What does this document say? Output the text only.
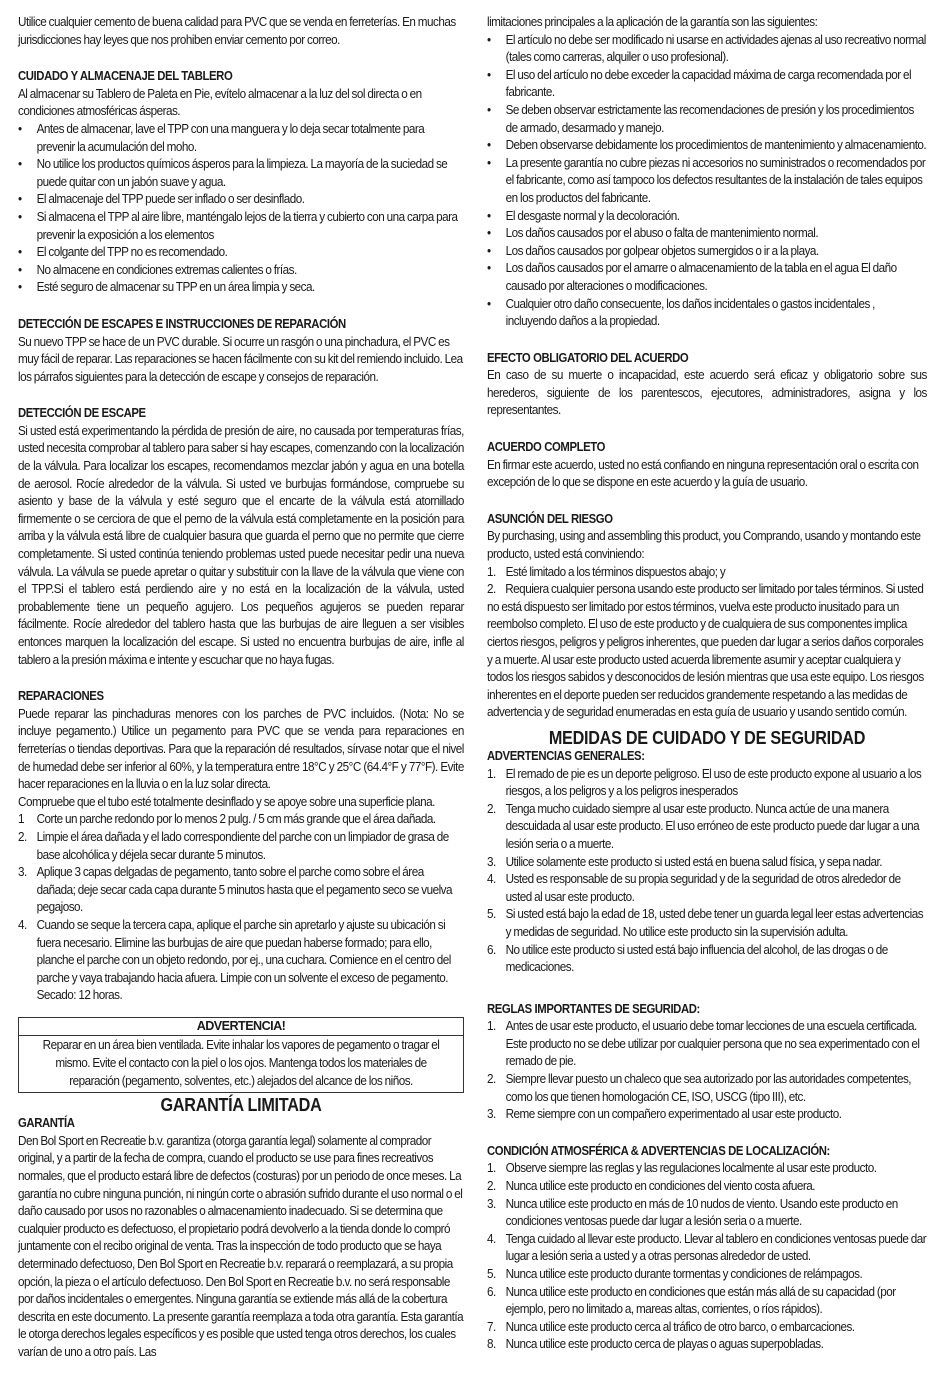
Utilice cualquier cemento de buena calidad para PVC que se venda en ferreterías. En muchas jurisdicciones hay leyes que nos prohiben enviar cemento por correo.
CUIDADO Y ALMACENAJE DEL TABLERO
Al almacenar su Tablero de Paleta en Pie, evítelo almacenar a la luz del sol directa o en condiciones atmosféricas ásperas.
• Antes de almacenar, lave el TPP con una manguera y lo deja secar totalmente para prevenir la acumulación del moho.
• No utilice los productos químicos ásperos para la limpieza. La mayoría de la suciedad se puede quitar con un jabón suave y agua.
• El almacenaje del TPP puede ser inflado o ser desinflado.
• Si almacena el TPP al aire libre, manténgalo lejos de la tierra y cubierto con una carpa para prevenir la exposición a los elementos
• El colgante del TPP no es recomendado.
• No almacene en condiciones extremas calientes o frías.
• Esté seguro de almacenar su TPP en un área limpia y seca.
DETECCIÓN DE ESCAPES E INSTRUCCIONES DE REPARACIÓN
Su nuevo TPP se hace de un PVC durable. Si ocurre un rasgón o una pinchadura, el PVC es muy fácil de reparar. Las reparaciones se hacen fácilmente con su kit del remiendo incluido. Lea los párrafos siguientes para la detección de escape y consejos de reparación.
DETECCIÓN DE ESCAPE
Si usted está experimentando la pérdida de presión de aire, no causada por temperaturas frías, usted necesita comprobar al tablero para saber si hay escapes, comenzando con la localización de la válvula. Para localizar los escapes, recomendamos mezclar jabón y agua en una botella de aerosol. Rocíe alrededor de la válvula. Si usted ve burbujas formándose, compruebe su asiento y base de la válvula y esté seguro que el encarte de la válvula está atornillado firmemente o se cerciora de que el perno de la válvula está completamente en la posición para arriba y la válvula está libre de cualquier basura que guarda el perno que no permite que cierre completamente. Si usted continúa teniendo problemas usted puede necesitar pedir una nueva válvula. La válvula se puede apretar o quitar y substituir con la llave de la válvula que viene con el TPP.Si el tablero está perdiendo aire y no está en la localización de la válvula, usted probablemente tiene un pequeño agujero. Los pequeños agujeros se pueden reparar fácilmente. Rocíe alrededor del tablero hasta que las burbujas de aire lleguen a ser visibles entonces marquen la localización del escape. Si usted no encuentra burbujas de aire, infle al tablero a la presión máxima e intente y escuchar que no haya fugas.
REPARACIONES
Puede reparar las pinchaduras menores con los parches de PVC incluidos. (Nota: No se incluye pegamento.) Utilice un pegamento para PVC que se venda para reparaciones en ferreterías o tiendas deportivas. Para que la reparación dé resultados, sírvase notar que el nivel de humedad debe ser inferior al 60%, y la temperatura entre 18°C y 25°C (64.4°F y 77°F). Evite hacer reparaciones en la lluvia o en la luz solar directa.
Compruebe que el tubo esté totalmente desinflado y se apoye sobre una superficie plana.
1 Corte un parche redondo por lo menos 2 pulg. / 5 cm más grande que el área dañada.
2. Limpie el área dañada y el lado correspondiente del parche con un limpiador de grasa de base alcohólica y déjela secar durante 5 minutos.
3. Aplique 3 capas delgadas de pegamento, tanto sobre el parche como sobre el área dañada; deje secar cada capa durante 5 minutos hasta que el pegamento seco se vuelva pegajoso.
4. Cuando se seque la tercera capa, aplique el parche sin apretarlo y ajuste su ubicación si fuera necesario. Elimine las burbujas de aire que puedan haberse formado; para ello, planche el parche con un objeto redondo, por ej., una cuchara. Comience en el centro del parche y vaya trabajando hacia afuera. Limpie con un solvente el exceso de pegamento. Secado: 12 horas.
ADVERTENCIA!
Reparar en un área bien ventilada. Evite inhalar los vapores de pegamento o tragar el mismo. Evite el contacto con la piel o los ojos. Mantenga todos los materiales de reparación (pegamento, solventes, etc.) alejados del alcance de los niños.
GARANTÍA LIMITADA
GARANTÍA
Den Bol Sport en Recreatie b.v. garantiza (otorga garantía legal) solamente al comprador original, y a partir de la fecha de compra, cuando el producto se use para fines recreativos normales, que el producto estará libre de defectos (costuras) por un periodo de once meses. La garantía no cubre ninguna punción, ni ningún corte o abrasión sufrido durante el uso normal o el daño causado por usos no razonables o almacenamiento inadecuado. Si se determina que cualquier producto es defectuoso, el propietario podrá devolverlo a la tienda donde lo compró juntamente con el recibo original de venta. Tras la inspección de todo producto que se haya determinado defectuoso, Den Bol Sport en Recreatie b.v. reparará o reemplazará, a su propia opción, la pieza o el artículo defectuoso. Den Bol Sport en Recreatie b.v. no será responsable por daños incidentales o emergentes. Ninguna garantía se extiende más allá de la cobertura descrita en este documento. La presente garantía reemplaza a toda otra garantía. Esta garantía le otorga derechos legales específicos y es posible que usted tenga otros derechos, los cuales varían de uno a otro país. Las
limitaciones principales a la aplicación de la garantía son las siguientes:
• El artículo no debe ser modificado ni usarse en actividades ajenas al uso recreativo normal (tales como carreras, alquiler o uso profesional).
• El uso del artículo no debe exceder la capacidad máxima de carga recomendada por el fabricante.
• Se deben observar estrictamente las recomendaciones de presión y los procedimientos de armado, desarmado y manejo.
• Deben observarse debidamente los procedimientos de mantenimiento y almacenamiento.
• La presente garantía no cubre piezas ni accesorios no suministrados o recomendados por el fabricante, como así tampoco los defectos resultantes de la instalación de tales equipos en los productos del fabricante.
• El desgaste normal y la decoloración.
• Los daños causados por el abuso o falta de mantenimiento normal.
• Los daños causados por golpear objetos sumergidos o ir a la playa.
• Los daños causados por el amarre o almacenamiento de la tabla en el agua El daño causado por alteraciones o modificaciones.
• Cualquier otro daño consecuente, los daños incidentales o gastos incidentales , incluyendo daños a la propiedad.
EFECTO OBLIGATORIO DEL ACUERDO
En caso de su muerte o incapacidad, este acuerdo será eficaz y obligatorio sobre sus herederos, siguiente de los parentescos, ejecutores, administradores, asigna y los representantes.
ACUERDO COMPLETO
En firmar este acuerdo, usted no está confiando en ninguna representación oral o escrita con excepción de lo que se dispone en este acuerdo y la guía de usuario.
ASUNCIÓN DEL RIESGO
By purchasing, using and assembling this product, you Comprando, usando y montando este producto, usted está conviniendo:
1. Esté limitado a los términos dispuestos abajo; y
2. Requiera cualquier persona usando este producto ser limitado por tales términos. Si usted no está dispuesto ser limitado por estos términos, vuelva este producto inusitado para un reembolso completo. El uso de este producto y de cualquiera de sus componentes implica ciertos riesgos, peligros y peligros inherentes, que pueden dar lugar a serios daños corporales y a muerte. Al usar este producto usted acuerda libremente asumir y aceptar cualquiera y todos los riesgos sabidos y desconocidos de lesión mientras que usa este equipo. Los riesgos inherentes en el deporte pueden ser reducidos grandemente respetando a las medidas de advertencia y de seguridad enumeradas en esta guía de usuario y usando sentido común.
MEDIDAS DE CUIDADO Y DE SEGURIDAD
ADVERTENCIAS GENERALES:
1. El remado de pie es un deporte peligroso. El uso de este producto expone al usuario a los riesgos, a los peligros y a los peligros inesperados
2. Tenga mucho cuidado siempre al usar este producto. Nunca actúe de una manera descuidada al usar este producto. El uso erróneo de este producto puede dar lugar a una lesión seria o a muerte.
3. Utilice solamente este producto si usted está en buena salud física, y sepa nadar.
4. Usted es responsable de su propia seguridad y de la seguridad de otros alrededor de usted al usar este producto.
5. Si usted está bajo la edad de 18, usted debe tener un guarda legal leer estas advertencias y medidas de seguridad. No utilice este producto sin la supervisión adulta.
6. No utilice este producto si usted está bajo influencia del alcohol, de las drogas o de medicaciones.
REGLAS IMPORTANTES DE SEGURIDAD:
1. Antes de usar este producto, el usuario debe tomar lecciones de una escuela certificada. Este producto no se debe utilizar por cualquier persona que no sea experimentado con el remado de pie.
2. Siempre llevar puesto un chaleco que sea autorizado por las autoridades competentes, como los que tienen homologación CE, ISO, USCG (tipo III), etc.
3. Reme siempre con un compañero experimentado al usar este producto.
CONDICIÓN ATMOSFÉRICA & ADVERTENCIAS DE LOCALIZACIÓN:
1. Observe siempre las reglas y las regulaciones localmente al usar este producto.
2. Nunca utilice este producto en condiciones del viento costa afuera.
3. Nunca utilice este producto en más de 10 nudos de viento. Usando este producto en condiciones ventosas puede dar lugar a lesión seria o a muerte.
4. Tenga cuidado al llevar este producto. Llevar al tablero en condiciones ventosas puede dar lugar a lesión seria a usted y a otras personas alrededor de usted.
5. Nunca utilice este producto durante tormentas y condiciones de relámpagos.
6. Nunca utilice este producto en condiciones que están más allá de su capacidad (por ejemplo, pero no limitado a, mareas altas, corrientes, o ríos rápidos).
7. Nunca utilice este producto cerca al tráfico de otro barco, o embarcaciones.
8. Nunca utilice este producto cerca de playas o aguas superpobladas.
